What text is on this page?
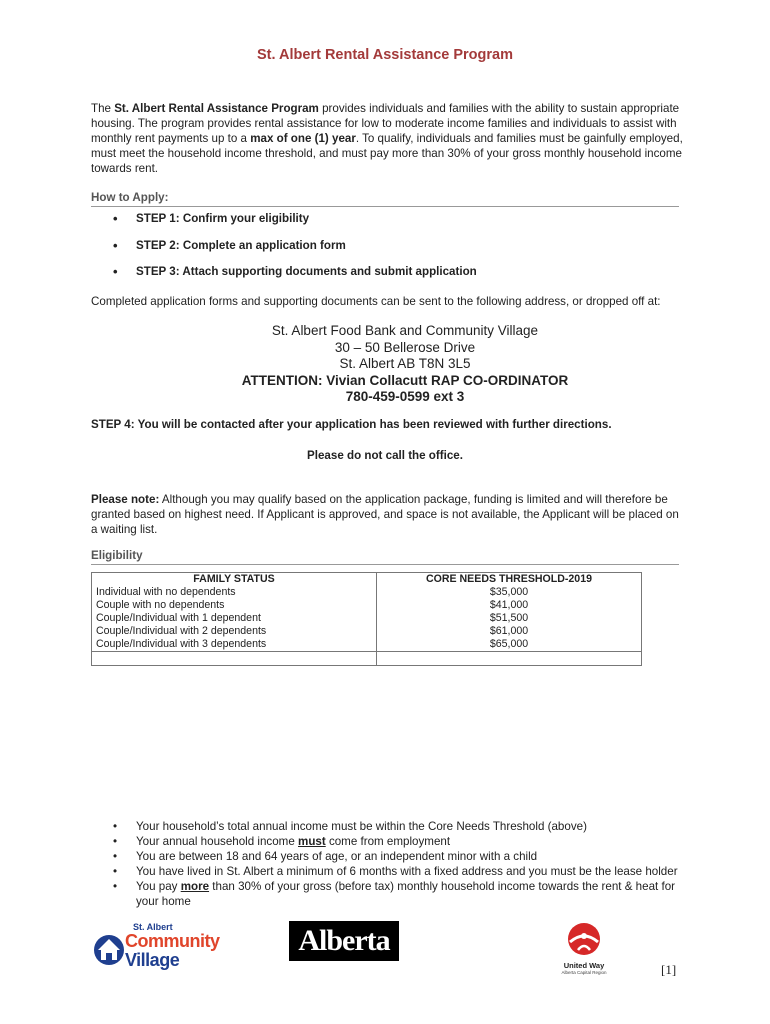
St. Albert Rental Assistance Program
The St. Albert Rental Assistance Program provides individuals and families with the ability to sustain appropriate housing. The program provides rental assistance for low to moderate income families and individuals to assist with monthly rent payments up to a max of one (1) year. To qualify, individuals and families must be gainfully employed, must meet the household income threshold, and must pay more than 30% of your gross monthly household income towards rent.
How to Apply:
• STEP 1: Confirm your eligibility
• STEP 2: Complete an application form
• STEP 3: Attach supporting documents and submit application
Completed application forms and supporting documents can be sent to the following address, or dropped off at:
St. Albert Food Bank and Community Village
30 – 50 Bellerose Drive
St. Albert AB T8N 3L5
ATTENTION: Vivian Collacutt RAP CO-ORDINATOR
780-459-0599 ext 3
STEP 4: You will be contacted after your application has been reviewed with further directions.
Please do not call the office.
Please note: Although you may qualify based on the application package, funding is limited and will therefore be granted based on highest need. If Applicant is approved, and space is not available, the Applicant will be placed on a waiting list.
Eligibility
FAMILY STATUS	CORE NEEDS THRESHOLD-2019
Individual with no dependents	$35,000
Couple with no dependents	$41,000
Couple/Individual with 1 dependent	$51,500
Couple/Individual with 2 dependents	$61,000
Couple/Individual with 3 dependents	$65,000

• Your household’s total annual income must be within the Core Needs Threshold (above)
• Your annual household income must come from employment
• You are between 18 and 64 years of age, or an independent minor with a child
• You have lived in St. Albert a minimum of 6 months with a fixed address and you must be the lease holder
• You pay more than 30% of your gross (before tax) monthly household income towards the rent & heat for your home
St. Albert
Community
Village
Alberta
United Way
Alberta Capital Region	[1]
